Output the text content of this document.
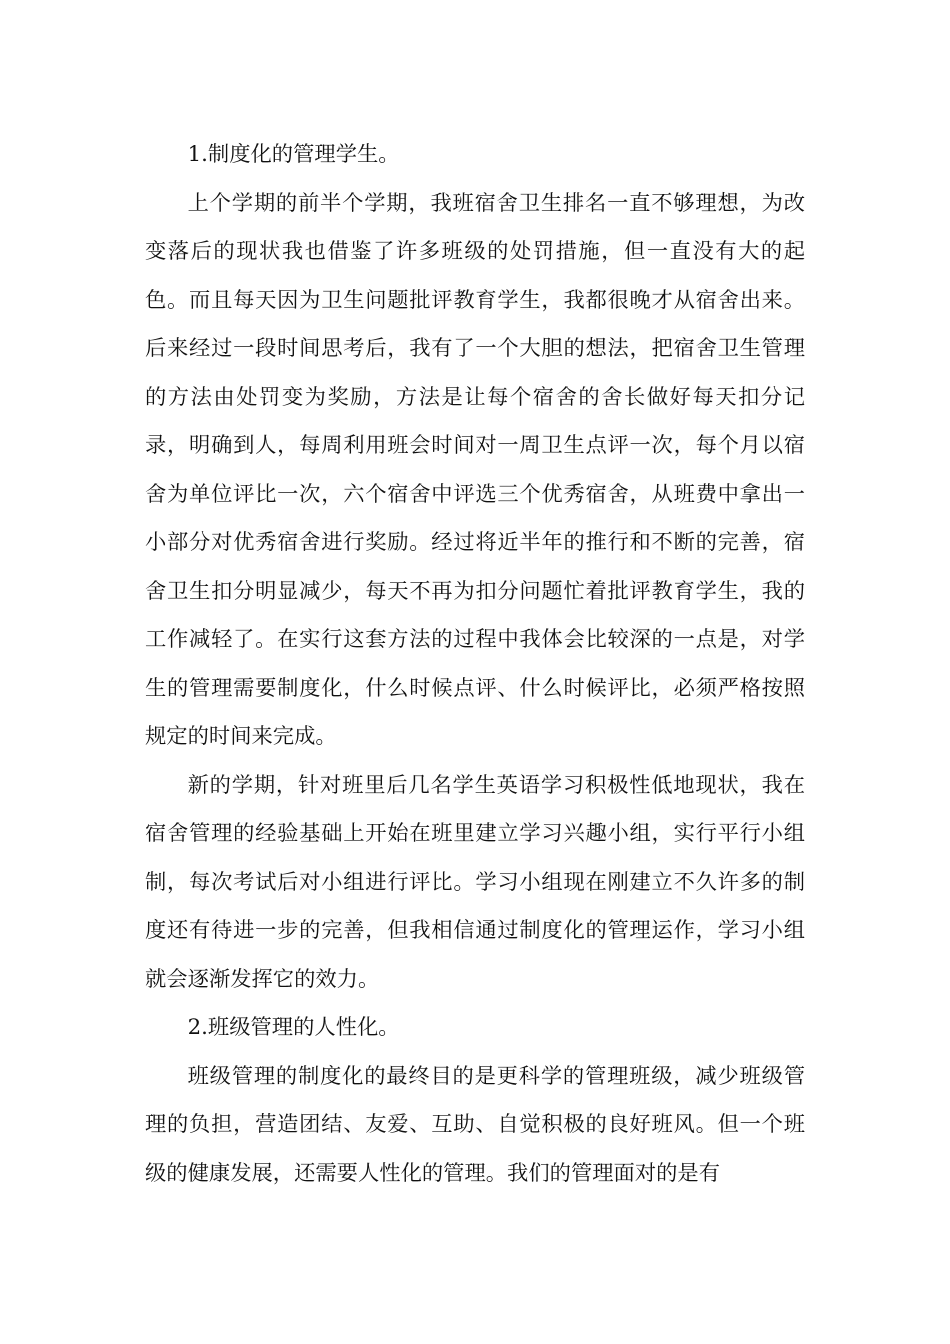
1.制度化的管理学生。

上个学期的前半个学期，我班宿舍卫生排名一直不够理想，为改变落后的现状我也借鉴了许多班级的处罚措施，但一直没有大的起色。而且每天因为卫生问题批评教育学生，我都很晚才从宿舍出来。后来经过一段时间思考后，我有了一个大胆的想法，把宿舍卫生管理的方法由处罚变为奖励，方法是让每个宿舍的舍长做好每天扣分记录，明确到人，每周利用班会时间对一周卫生点评一次，每个月以宿舍为单位评比一次，六个宿舍中评选三个优秀宿舍，从班费中拿出一小部分对优秀宿舍进行奖励。经过将近半年的推行和不断的完善，宿舍卫生扣分明显减少，每天不再为扣分问题忙着批评教育学生，我的工作减轻了。在实行这套方法的过程中我体会比较深的一点是，对学生的管理需要制度化，什么时候点评、什么时候评比，必须严格按照规定的时间来完成。

新的学期，针对班里后几名学生英语学习积极性低地现状，我在宿舍管理的经验基础上开始在班里建立学习兴趣小组，实行平行小组制，每次考试后对小组进行评比。学习小组现在刚建立不久许多的制度还有待进一步的完善，但我相信通过制度化的管理运作，学习小组就会逐渐发挥它的效力。

2.班级管理的人性化。

班级管理的制度化的最终目的是更科学的管理班级，减少班级管理的负担，营造团结、友爱、互助、自觉积极的良好班风。但一个班级的健康发展，还需要人性化的管理。我们的管理面对的是有
